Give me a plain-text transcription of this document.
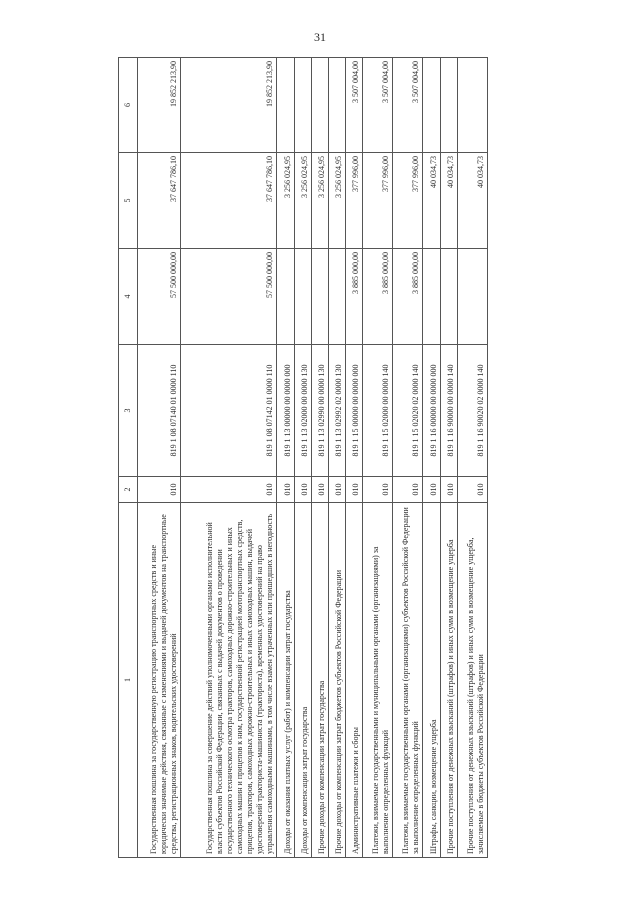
31
1	2	3	4	5	6
Государственная пошлина за государственную регистрацию транспортных средств и иные юридически значимые действия, связанные с изменениями и выдачей документов на транспортные средства, регистрационных знаков, водительских удостоверений	010	819 1 08 07140 01 0000 110	57 500 000,00	37 647 786,10	19 852 213,90
Государственная пошлина за совершение действий уполномоченными органами исполнительной власти субъектов Российской Федерации, связанных с выдачей документов о проведении государственного технического осмотра тракторов, самоходных дорожно-строительных и иных самоходных машин и прицепов к ним, государственной регистрацией мототранспортных средств, прицепов, тракторов, самоходных дорожно-строительных и иных самоходных машин, выдачей удостоверений тракториста-машиниста (тракториста), временных удостоверений на право управления самоходными машинами, в том числе взамен утраченных или пришедших в негодность	010	819 1 08 07142 01 0000 110	57 500 000,00	37 647 786,10	19 852 213,90
Доходы от оказания платных услуг (работ) и компенсации затрат государства	010	819 1 13 00000 00 0000 000		3 256 024,95	
Доходы от компенсации затрат государства	010	819 1 13 02000 00 0000 130		3 256 024,95	
Прочие доходы от компенсации затрат государства	010	819 1 13 02990 00 0000 130		3 256 024,95	
Прочие доходы от компенсации затрат бюджетов субъектов Российской Федерации	010	819 1 13 02992 02 0000 130		3 256 024,95	
Административные платежи и сборы	010	819 1 15 00000 00 0000 000	3 885 000,00	377 996,00	3 507 004,00
Платежи, взимаемые государственными и муниципальными органами (организациями) за выполнение определенных функций	010	819 1 15 02000 00 0000 140	3 885 000,00	377 996,00	3 507 004,00
Платежи, взимаемые государственными органами (организациями) субъектов Российской Федерации за выполнение определенных функций	010	819 1 15 02020 02 0000 140	3 885 000,00	377 996,00	3 507 004,00
Штрафы, санкции, возмещение ущерба	010	819 1 16 00000 00 0000 000		40 034,73	
Прочие поступления от денежных взысканий (штрафов) и иных сумм в возмещение ущерба	010	819 1 16 90000 00 0000 140		40 034,73	
Прочие поступления от денежных взысканий (штрафов) и иных сумм в возмещение ущерба, зачисляемые в бюджеты субъектов Российской Федерации	010	819 1 16 90020 02 0000 140		40 034,73	
